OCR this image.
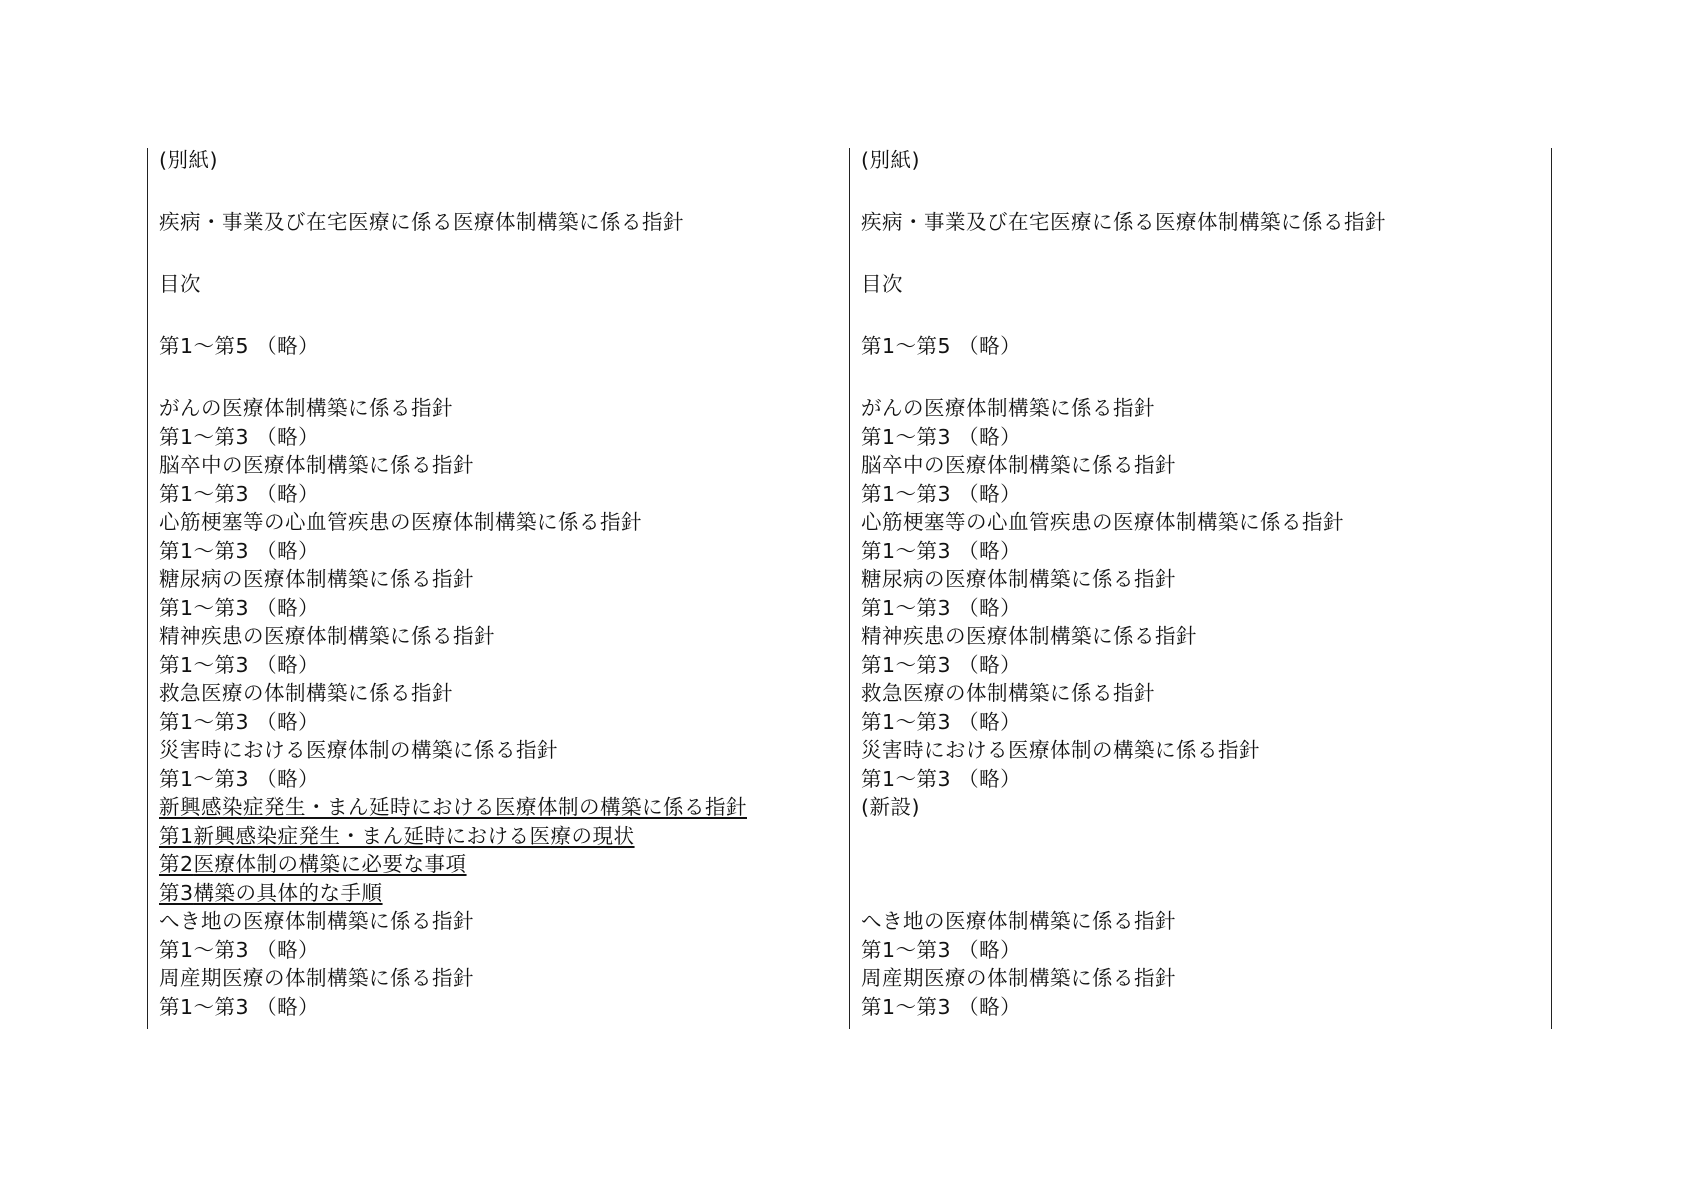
(別紙)

疾病・事業及び在宅医療に係る医療体制構築に係る指針

目次

第1～第5 （略）

がんの医療体制構築に係る指針

第1～第3 （略）

脳卒中の医療体制構築に係る指針

第1～第3 （略）

心筋梗塞等の心血管疾患の医療体制構築に係る指針

第1～第3 （略）

糖尿病の医療体制構築に係る指針

第1～第3 （略）

精神疾患の医療体制構築に係る指針

第1～第3 （略）

救急医療の体制構築に係る指針

第1～第3 （略）

災害時における医療体制の構築に係る指針

第1～第3 （略）

新興感染症発生・まん延時における医療体制の構築に係る指針

第1新興感染症発生・まん延時における医療の現状

第2医療体制の構築に必要な事項

第3構築の具体的な手順

へき地の医療体制構築に係る指針

第1～第3 （略）

周産期医療の体制構築に係る指針

第1～第3 （略）

(別紙)

疾病・事業及び在宅医療に係る医療体制構築に係る指針

目次

第1～第5 （略）

がんの医療体制構築に係る指針

第1～第3 （略）

脳卒中の医療体制構築に係る指針

第1～第3 （略）

心筋梗塞等の心血管疾患の医療体制構築に係る指針

第1～第3 （略）

糖尿病の医療体制構築に係る指針

第1～第3 （略）

精神疾患の医療体制構築に係る指針

第1～第3 （略）

救急医療の体制構築に係る指針

第1～第3 （略）

災害時における医療体制の構築に係る指針

第1～第3 （略）

(新設)

へき地の医療体制構築に係る指針

第1～第3 （略）

周産期医療の体制構築に係る指針

第1～第3 （略）
